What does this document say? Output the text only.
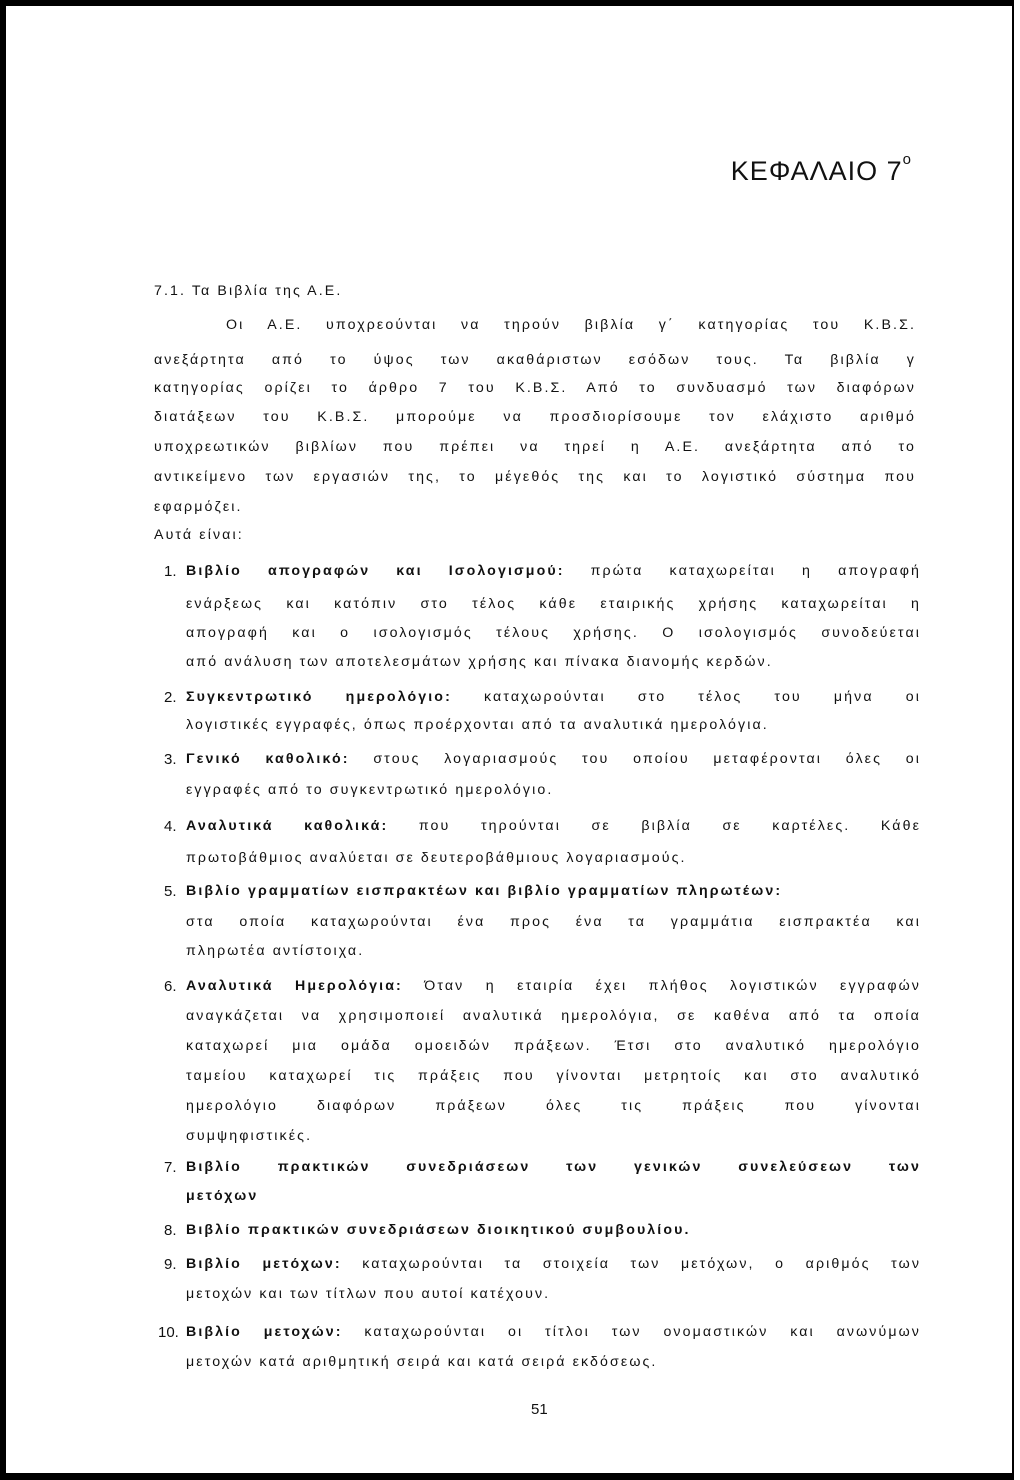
ΚΕΦΑΛΑΙΟ $7^o$
7.1. Τα Βιβλία της Α.Ε.
Οι Α.Ε. υποχρεούνται να τηρούν βιβλία γ΄ κατηγορίας του Κ.Β.Σ.
ανεξάρτητα από το ύψος των ακαθάριστων εσόδων τους. Τα βιβλία γ
κατηγορίας ορίζει το άρθρο 7 του Κ.Β.Σ. Από το συνδυασμό των διαφόρων
διατάξεων του Κ.Β.Σ. μπορούμε να προσδιορίσουμε τον ελάχιστο αριθμό
υποχρεωτικών βιβλίων που πρέπει να τηρεί η Α.Ε. ανεξάρτητα από το
αντικείμενο των εργασιών της, το μέγεθός της και το λογιστικό σύστημα που
εφαρμόζει.
Αυτά είναι:
1. Βιβλίο απογραφών και Ισολογισμού: πρώτα καταχωρείται η απογραφή
ενάρξεως και κατόπιν στο τέλος κάθε εταιρικής χρήσης καταχωρείται η
απογραφή και ο ισολογισμός τέλους χρήσης. Ο ισολογισμός συνοδεύεται
από ανάλυση των αποτελεσμάτων χρήσης και πίνακα διανομής κερδών.
2. Συγκεντρωτικό ημερολόγιο: καταχωρούνται στο τέλος του μήνα οι
λογιστικές εγγραφές, όπως προέρχονται από τα αναλυτικά ημερολόγια.
3. Γενικό καθολικό: στους λογαριασμούς του οποίου μεταφέρονται όλες οι
εγγραφές από το συγκεντρωτικό ημερολόγιο.
4. Αναλυτικά καθολικά: που τηρούνται σε βιβλία σε καρτέλες. Κάθε
πρωτοβάθμιος αναλύεται σε δευτεροβάθμιους λογαριασμούς.
5. Βιβλίο γραμματίων εισπρακτέων και βιβλίο γραμματίων πληρωτέων:
στα οποία καταχωρούνται ένα προς ένα τα γραμμάτια εισπρακτέα και
πληρωτέα αντίστοιχα.
6. Αναλυτικά Ημερολόγια: Όταν η εταιρία έχει πλήθος λογιστικών εγγραφών
αναγκάζεται να χρησιμοποιεί αναλυτικά ημερολόγια, σε καθένα από τα οποία
καταχωρεί μια ομάδα ομοειδών πράξεων. Έτσι στο αναλυτικό ημερολόγιο
ταμείου καταχωρεί τις πράξεις που γίνονται μετρητοίς και στο αναλυτικό
ημερολόγιο διαφόρων πράξεων όλες τις πράξεις που γίνονται
συμψηφιστικές.
7. Βιβλίο πρακτικών συνεδριάσεων των γενικών συνελεύσεων των
μετόχων
8. Βιβλίο πρακτικών συνεδριάσεων διοικητικού συμβουλίου.
9. Βιβλίο μετόχων: καταχωρούνται τα στοιχεία των μετόχων, ο αριθμός των
μετοχών και των τίτλων που αυτοί κατέχουν.
10. Βιβλίο μετοχών: καταχωρούνται οι τίτλοι των ονομαστικών και ανωνύμων
μετοχών κατά αριθμητική σειρά και κατά σειρά εκδόσεως.
51
